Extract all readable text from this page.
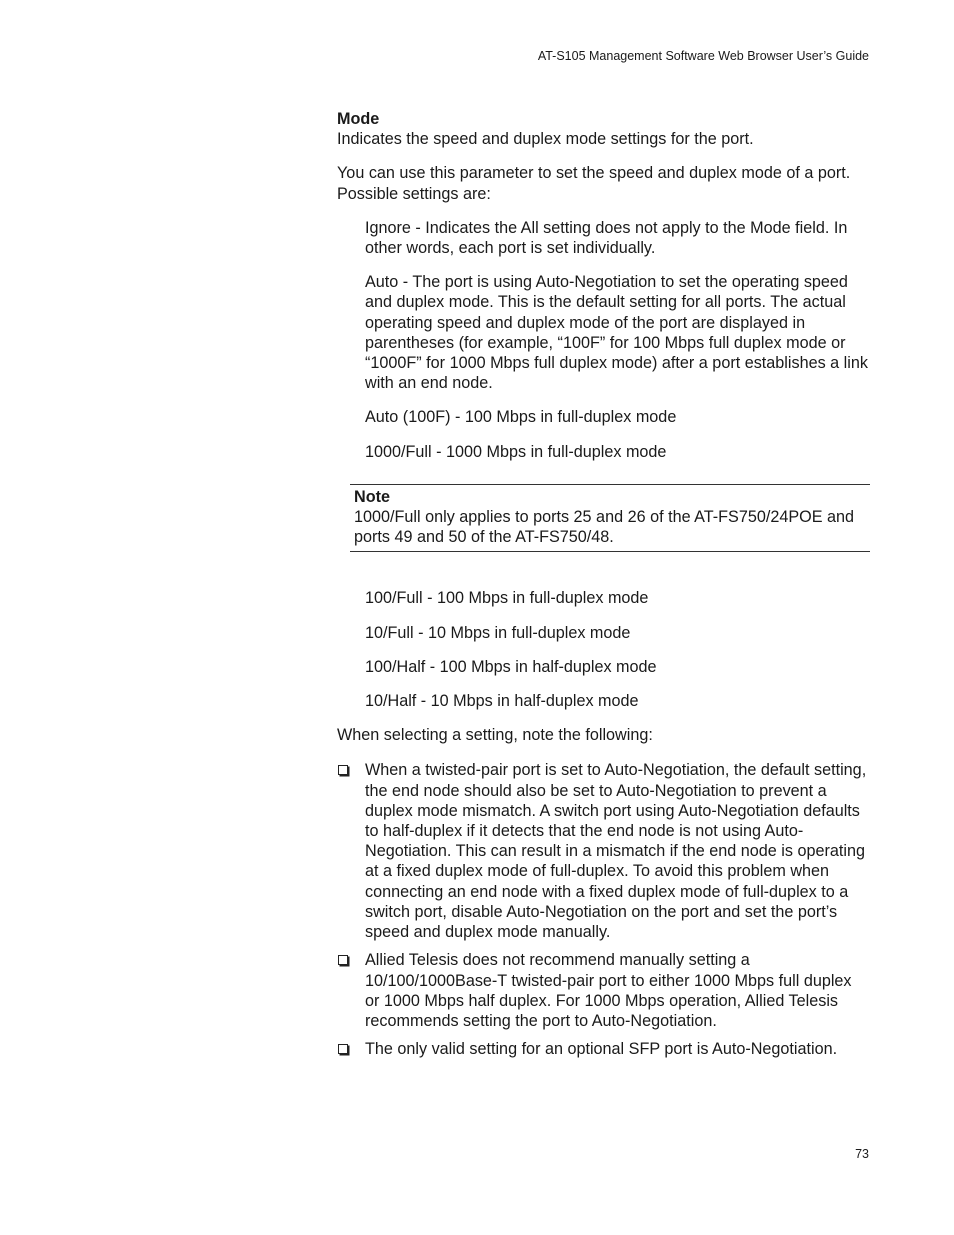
AT-S105 Management Software Web Browser User’s Guide

Mode

Indicates the speed and duplex mode settings for the port.

You can use this parameter to set the speed and duplex mode of a port. Possible settings are:

Ignore - Indicates the All setting does not apply to the Mode field. In other words, each port is set individually.

Auto - The port is using Auto-Negotiation to set the operating speed and duplex mode. This is the default setting for all ports. The actual operating speed and duplex mode of the port are displayed in parentheses (for example, “100F” for 100 Mbps full duplex mode or “1000F” for 1000 Mbps full duplex mode) after a port establishes a link with an end node.

Auto (100F) - 100 Mbps in full-duplex mode

1000/Full - 1000 Mbps in full-duplex mode

Note

1000/Full only applies to ports 25 and 26 of the AT-FS750/24POE and ports 49 and 50 of the AT-FS750/48.

100/Full - 100 Mbps in full-duplex mode

10/Full - 10 Mbps in full-duplex mode

100/Half - 100 Mbps in half-duplex mode

10/Half - 10 Mbps in half-duplex mode

When selecting a setting, note the following:

When a twisted-pair port is set to Auto-Negotiation, the default setting, the end node should also be set to Auto-Negotiation to prevent a duplex mode mismatch. A switch port using Auto-Negotiation defaults to half-duplex if it detects that the end node is not using Auto-Negotiation. This can result in a mismatch if the end node is operating at a fixed duplex mode of full-duplex. To avoid this problem when connecting an end node with a fixed duplex mode of full-duplex to a switch port, disable Auto-Negotiation on the port and set the port’s speed and duplex mode manually.
Allied Telesis does not recommend manually setting a 10/100/1000Base-T twisted-pair port to either 1000 Mbps full duplex or 1000 Mbps half duplex. For 1000 Mbps operation, Allied Telesis recommends setting the port to Auto-Negotiation.
The only valid setting for an optional SFP port is Auto-Negotiation.
73
